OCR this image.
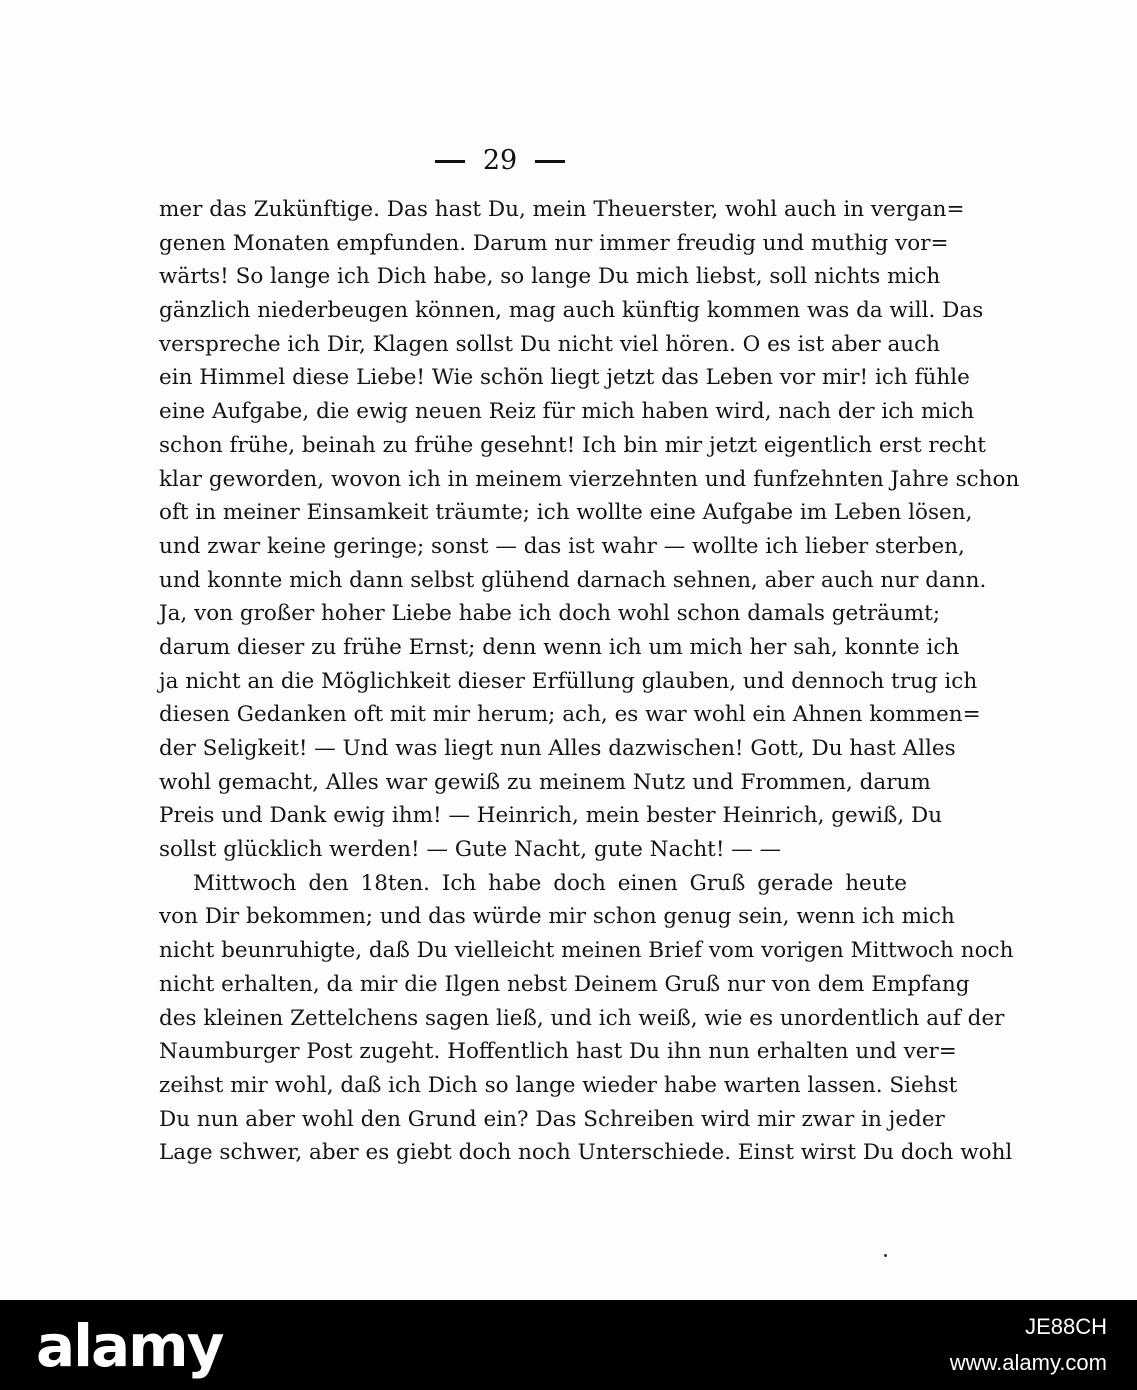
29
mer das Zukünftige. Das hast Du, mein Theuerster, wohl auch in vergan=
genen Monaten empfunden. Darum nur immer freudig und muthig vor=
wärts! So lange ich Dich habe, so lange Du mich liebst, soll nichts mich
gänzlich niederbeugen können, mag auch künftig kommen was da will. Das
verspreche ich Dir, Klagen sollst Du nicht viel hören. O es ist aber auch
ein Himmel diese Liebe! Wie schön liegt jetzt das Leben vor mir! ich fühle
eine Aufgabe, die ewig neuen Reiz für mich haben wird, nach der ich mich
schon frühe, beinah zu frühe gesehnt! Ich bin mir jetzt eigentlich erst recht
klar geworden, wovon ich in meinem vierzehnten und funfzehnten Jahre schon
oft in meiner Einsamkeit träumte; ich wollte eine Aufgabe im Leben lösen,
und zwar keine geringe; sonst — das ist wahr — wollte ich lieber sterben,
und konnte mich dann selbst glühend darnach sehnen, aber auch nur dann.
Ja, von großer hoher Liebe habe ich doch wohl schon damals geträumt;
darum dieser zu frühe Ernst; denn wenn ich um mich her sah, konnte ich
ja nicht an die Möglichkeit dieser Erfüllung glauben, und dennoch trug ich
diesen Gedanken oft mit mir herum; ach, es war wohl ein Ahnen kommen=
der Seligkeit! — Und was liegt nun Alles dazwischen! Gott, Du hast Alles
wohl gemacht, Alles war gewiß zu meinem Nutz und Frommen, darum
Preis und Dank ewig ihm! — Heinrich, mein bester Heinrich, gewiß, Du
sollst glücklich werden! — Gute Nacht, gute Nacht! — —
Mittwoch den 18ten. Ich habe doch einen Gruß gerade heute
von Dir bekommen; und das würde mir schon genug sein, wenn ich mich
nicht beunruhigte, daß Du vielleicht meinen Brief vom vorigen Mittwoch noch
nicht erhalten, da mir die Ilgen nebst Deinem Gruß nur von dem Empfang
des kleinen Zettelchens sagen ließ, und ich weiß, wie es unordentlich auf der
Naumburger Post zugeht. Hoffentlich hast Du ihn nun erhalten und ver=
zeihst mir wohl, daß ich Dich so lange wieder habe warten lassen. Siehst
Du nun aber wohl den Grund ein? Das Schreiben wird mir zwar in jeder
Lage schwer, aber es giebt doch noch Unterschiede. Einst wirst Du doch wohl
alamy	JE88CH
www.alamy.com
